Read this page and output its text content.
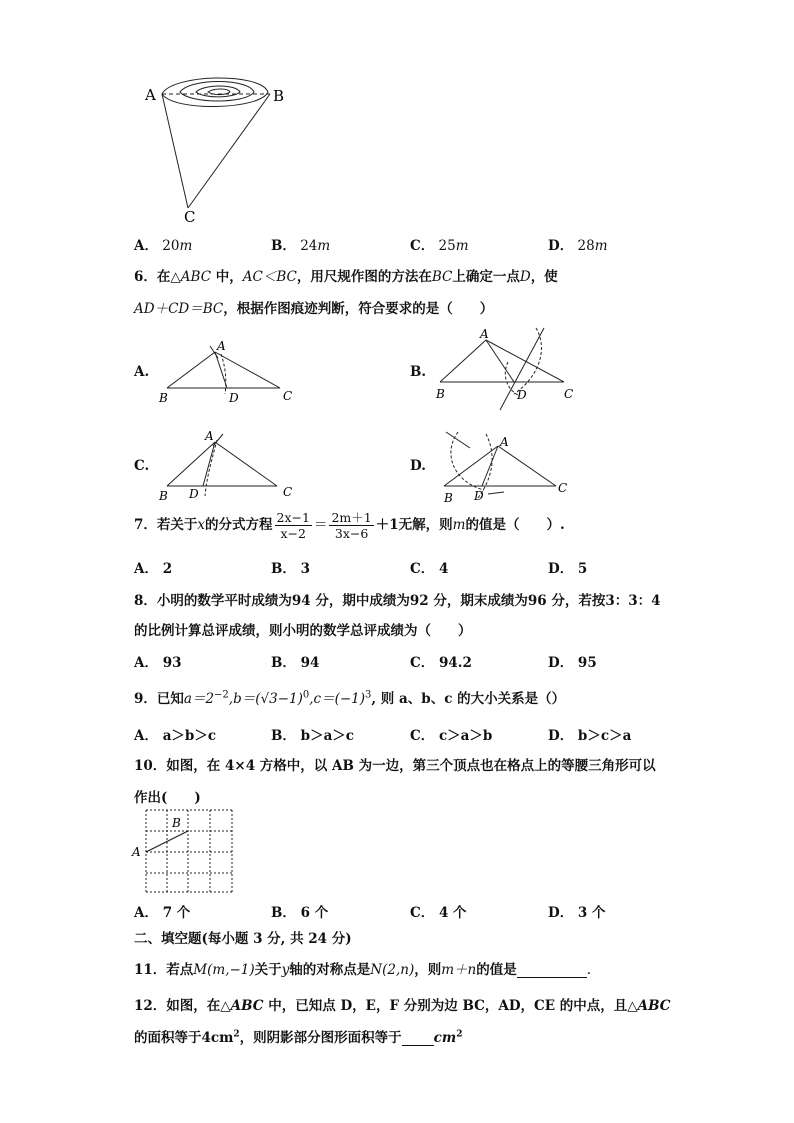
A	B
C
A． 20m	B． 24m	C． 25m	D． 28m
6．在△ABC 中，AC＜BC，用尺规作图的方法在BC上确定一点D，使
AD＋CD＝BC，根据作图痕迹判断，符合要求的是（　　）
A.
A
B	D	C
B.
A
B	D	C
C.
A
B D	C
D.
A
B D
C
7．若关于x的分式方程 $\frac{2x-1}{x-2} = \frac{2m+1}{3x-6} +1$无解，则m的值是（　　）.
A． 2	B． 3	C． 4	D． 5
8．小明的数学平时成绩为94 分，期中成绩为92 分，期末成绩为96 分，若按3：3：4
的比例计算总评成绩，则小明的数学总评成绩为（　　）
A． 93	B． 94	C． 94.2	D． 95
9．已知$a=2^{-2},b=(√3-1)^0,c=(-1)^3$, 则 a、b、c 的大小关系是（）
A． a＞b＞c	B． b＞a＞c	C． c＞a＞b	D． b＞c＞a
10．如图，在 4×4 方格中，以 AB 为一边，第三个顶点也在格点上的等腰三角形可以
作出(　　)
A
B
A． 7 个	B． 6 个	C． 4 个	D． 3 个
二、填空题(每小题 3 分, 共 24 分)
11．若点M(m,−1)关于y轴的对称点是N(2,n)，则m＋n的值是	.
12．如图，在△ABC 中，已知点 D，E，F 分别为边 BC，AD，CE 的中点，且△ABC
的面积等于$4cm^2$，则阴影部分图形面积等于 $cm^2$
